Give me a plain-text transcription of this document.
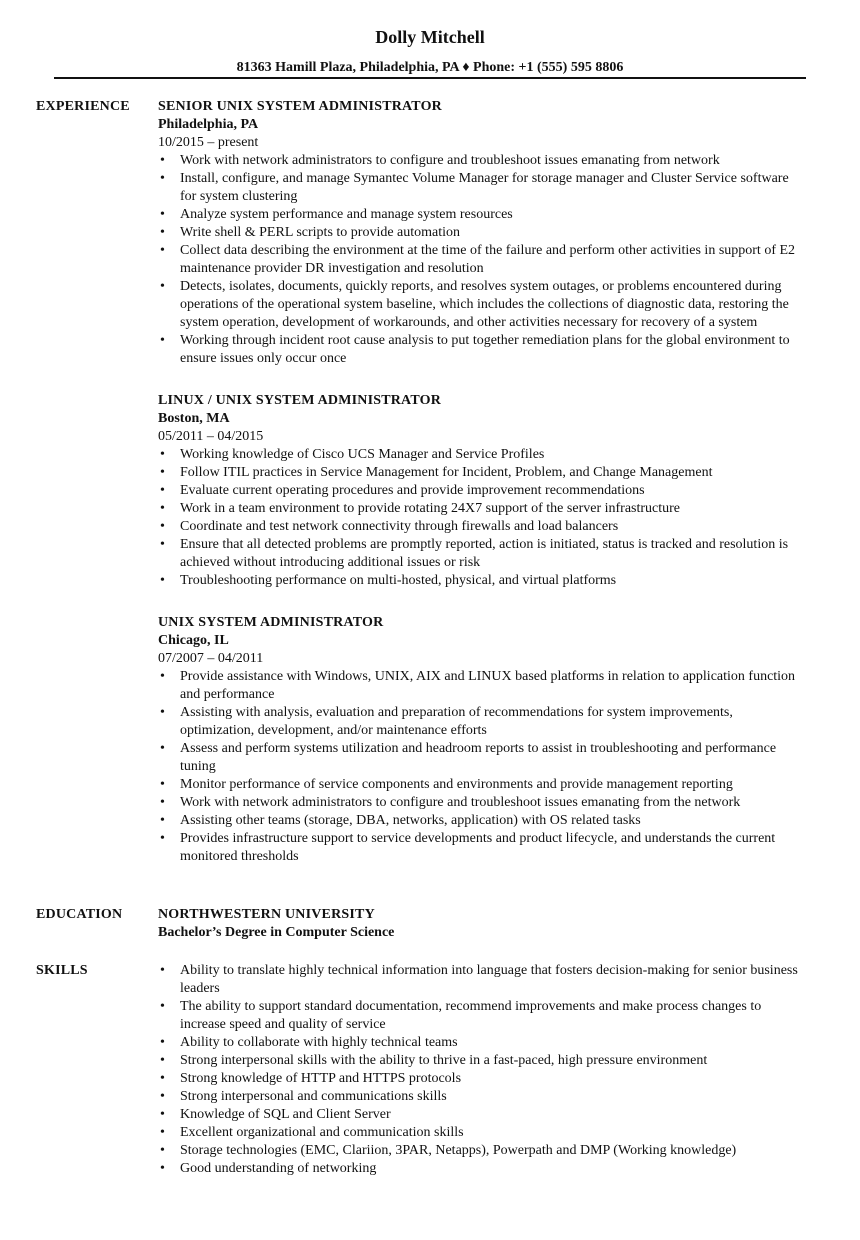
Dolly Mitchell
81363 Hamill Plaza, Philadelphia, PA ♦ Phone: +1 (555) 595 8806
EXPERIENCE SENIOR UNIX SYSTEM ADMINISTRATOR
Philadelphia, PA
10/2015 – present
• Work with network administrators to configure and troubleshoot issues emanating from network
• Install, configure, and manage Symantec Volume Manager for storage manager and Cluster Service software for system clustering
• Analyze system performance and manage system resources
• Write shell & PERL scripts to provide automation
• Collect data describing the environment at the time of the failure and perform other activities in support of E2 maintenance provider DR investigation and resolution
• Detects, isolates, documents, quickly reports, and resolves system outages, or problems encountered during operations of the operational system baseline, which includes the collections of diagnostic data, restoring the system operation, development of workarounds, and other activities necessary for recovery of a system
• Working through incident root cause analysis to put together remediation plans for the global environment to ensure issues only occur once
LINUX / UNIX SYSTEM ADMINISTRATOR
Boston, MA
05/2011 – 04/2015
• Working knowledge of Cisco UCS Manager and Service Profiles
• Follow ITIL practices in Service Management for Incident, Problem, and Change Management
• Evaluate current operating procedures and provide improvement recommendations
• Work in a team environment to provide rotating 24X7 support of the server infrastructure
• Coordinate and test network connectivity through firewalls and load balancers
• Ensure that all detected problems are promptly reported, action is initiated, status is tracked and resolution is achieved without introducing additional issues or risk
• Troubleshooting performance on multi-hosted, physical, and virtual platforms
UNIX SYSTEM ADMINISTRATOR
Chicago, IL
07/2007 – 04/2011
• Provide assistance with Windows, UNIX, AIX and LINUX based platforms in relation to application function and performance
• Assisting with analysis, evaluation and preparation of recommendations for system improvements, optimization, development, and/or maintenance efforts
• Assess and perform systems utilization and headroom reports to assist in troubleshooting and performance tuning
• Monitor performance of service components and environments and provide management reporting
• Work with network administrators to configure and troubleshoot issues emanating from the network
• Assisting other teams (storage, DBA, networks, application) with OS related tasks
• Provides infrastructure support to service developments and product lifecycle, and understands the current monitored thresholds
EDUCATION	NORTHWESTERN UNIVERSITY
Bachelor’s Degree in Computer Science
SKILLS
•	Ability to translate highly technical information into language that fosters decision-making for senior business leaders
• The ability to support standard documentation, recommend improvements and make process changes to increase speed and quality of service
• Ability to collaborate with highly technical teams
• Strong interpersonal skills with the ability to thrive in a fast-paced, high pressure environment
• Strong knowledge of HTTP and HTTPS protocols
• Strong interpersonal and communications skills
• Knowledge of SQL and Client Server
• Excellent organizational and communication skills
• Storage technologies (EMC, Clariion, 3PAR, Netapps), Powerpath and DMP (Working knowledge)
• Good understanding of networking
